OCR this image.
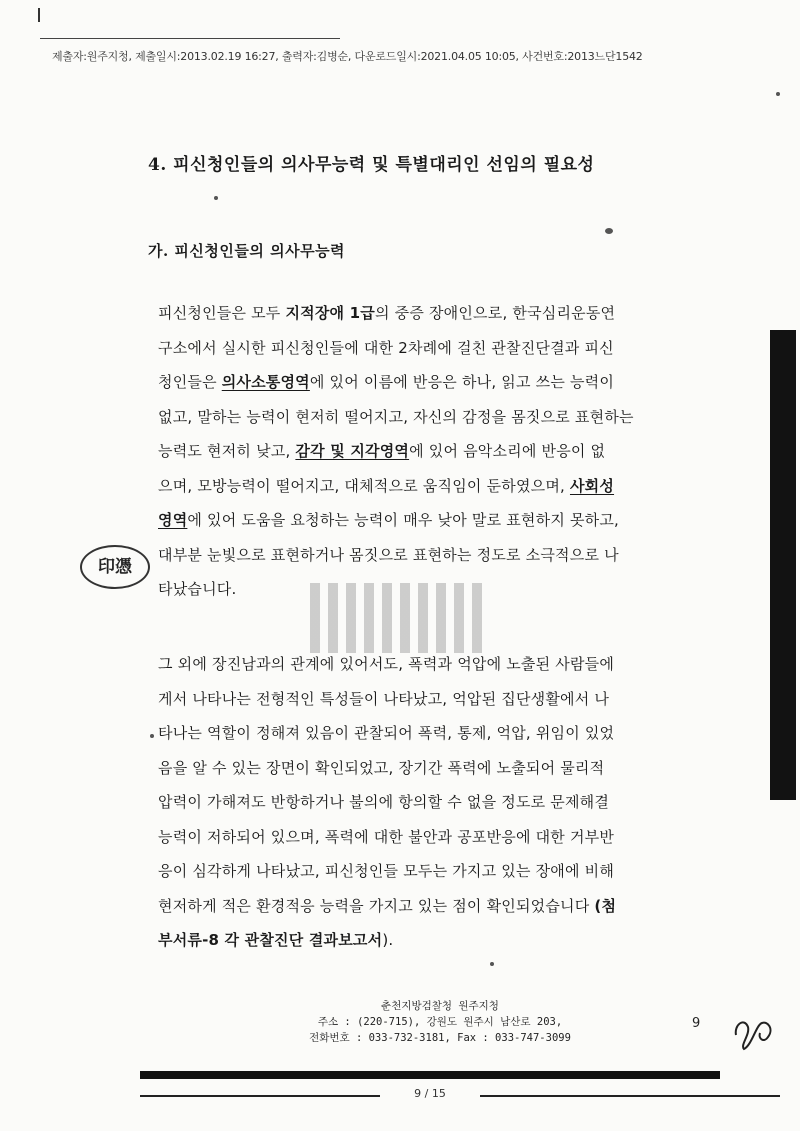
제출자:원주지청, 제출일시:2013.02.19 16:27, 출력자:김병순, 다운로드일시:2021.04.05 10:05, 사건번호:2013느단1542
4. 피신청인들의 의사무능력 및 특별대리인 선임의 필요성
가. 피신청인들의 의사무능력
피신청인들은 모두 지적장애 1급의 중증 장애인으로, 한국심리운동연
구소에서 실시한 피신청인들에 대한 2차례에 걸친 관찰진단결과 피신
청인들은 의사소통영역에 있어 이름에 반응은 하나, 읽고 쓰는 능력이
없고, 말하는 능력이 현저히 떨어지고, 자신의 감정을 몸짓으로 표현하는
능력도 현저히 낮고, 감각 및 지각영역에 있어 음악소리에 반응이 없
으며, 모방능력이 떨어지고, 대체적으로 움직임이 둔하였으며, 사회성
영역에 있어 도움을 요청하는 능력이 매우 낮아 말로 표현하지 못하고,
대부분 눈빛으로 표현하거나 몸짓으로 표현하는 정도로 소극적으로 나
타났습니다.
그 외에 장진남과의 관계에 있어서도, 폭력과 억압에 노출된 사람들에
게서 나타나는 전형적인 특성들이 나타났고, 억압된 집단생활에서 나
타나는 역할이 정해져 있음이 관찰되어 폭력, 통제, 억압, 위임이 있었
음을 알 수 있는 장면이 확인되었고, 장기간 폭력에 노출되어 물리적
압력이 가해져도 반항하거나 불의에 항의할 수 없을 정도로 문제해결
능력이 저하되어 있으며, 폭력에 대한 불안과 공포반응에 대한 거부반
응이 심각하게 나타났고, 피신청인들 모두는 가지고 있는 장애에 비해
현저하게 적은 환경적응 능력을 가지고 있는 점이 확인되었습니다 (첨
부서류-8 각 관찰진단 결과보고서).
印憑
춘천지방검찰청 원주지청
주소 : (220-715), 강원도 원주시 남산로 203,
전화번호 : 033-732-3181, Fax : 033-747-3099
9
9 / 15
